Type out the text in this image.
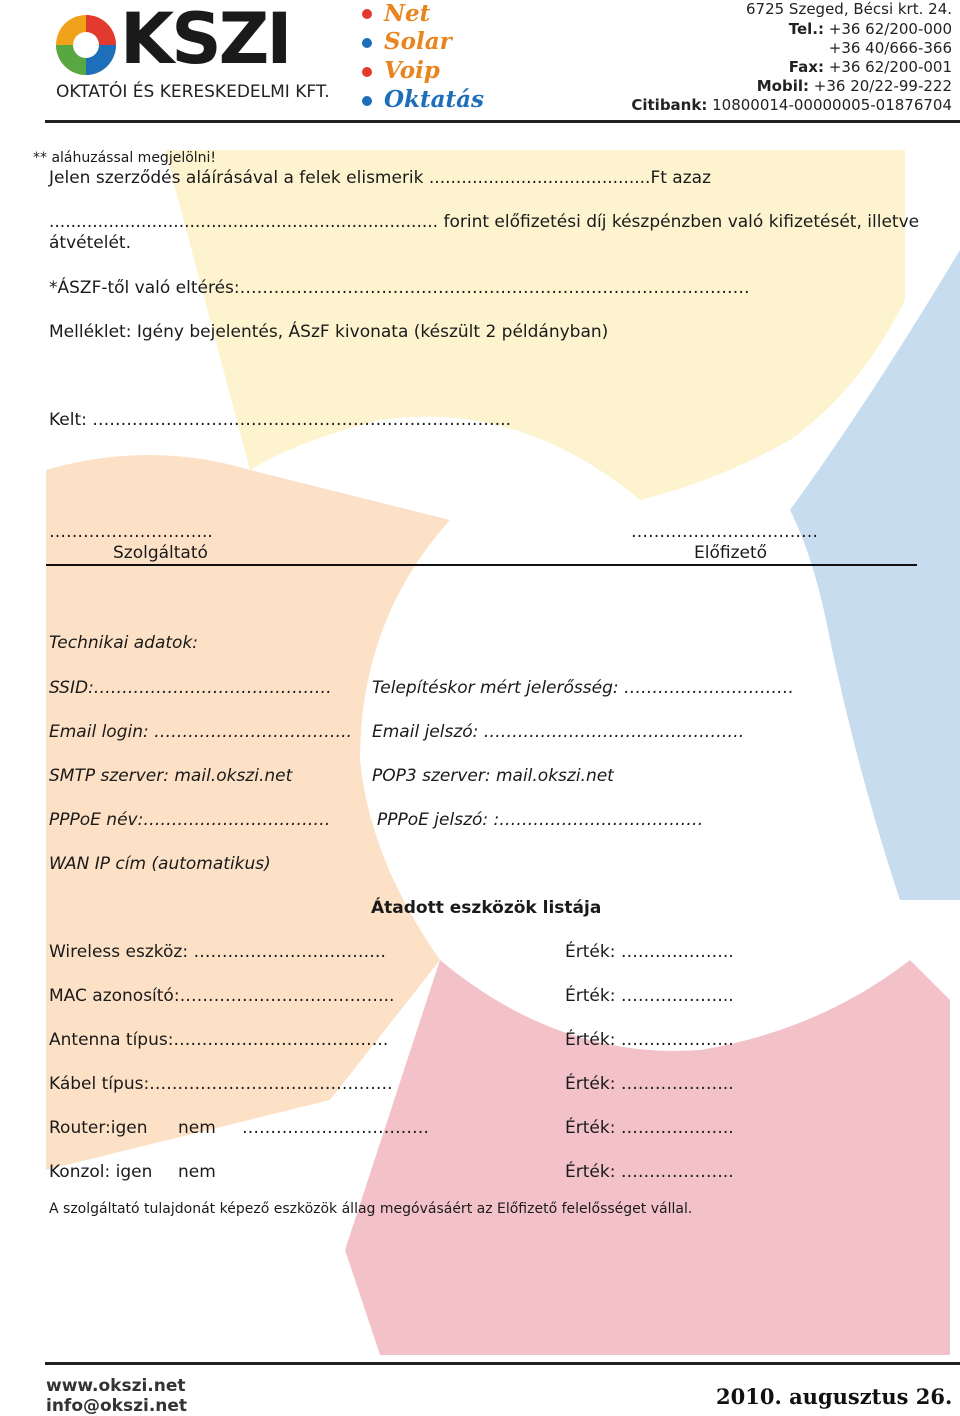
KSZI
OKTATÓI ÉS KERESKEDELMI KFT.
Net
Solar
Voip
Oktatás
6725 Szeged, Bécsi krt. 24.
Tel.: +36 62/200-000
+36 40/666-366
Fax: +36 62/200-001
Mobil: +36 20/22-99-222
Citibank: 10800014-00000005-01876704
** aláhuzással megjelölni!
Jelen szerződés aláírásával a felek elismerik .........................................Ft azaz
........................................................................ forint előfizetési díj készpénzben való kifizetését, illetve
átvételét.
*ÁSZF-től való eltérés:………………………………………………………………………………
Melléklet: Igény bejelentés, ÁSzF kivonata (készült 2 példányban)
Kelt: ………………………………………………………………..
………………………..	……………………………
Szolgáltató	Előfizető
Technikai adatok:
SSID:…………………………………… Telepítéskor mért jelerősség: …………………………
Email login: …………………………….. Email jelszó: ……………………………………….
SMTP szerver: mail.okszi.net	POP3 szerver: mail.okszi.net
PPPoE név:……………………………	PPPoE jelszó: :………………………………
WAN IP cím (automatikus)
Átadott eszközök listája
Wireless eszköz: …………………………….	Érték: ………………..
MAC azonosító:………………………………..	Érték: ………………..
Antenna típus:………………………………..	Érték: ………………..
Kábel típus:…………………………………….	Érték: ………………..
Router:igen nem ……………………………	Érték: ………………..
Konzol: igen nem	Érték: ………………..
A szolgáltató tulajdonát képező eszközök állag megóvásáért az Előfizető felelősséget vállal.
www.okszi.net
info@okszi.net	2010. augusztus 26.
